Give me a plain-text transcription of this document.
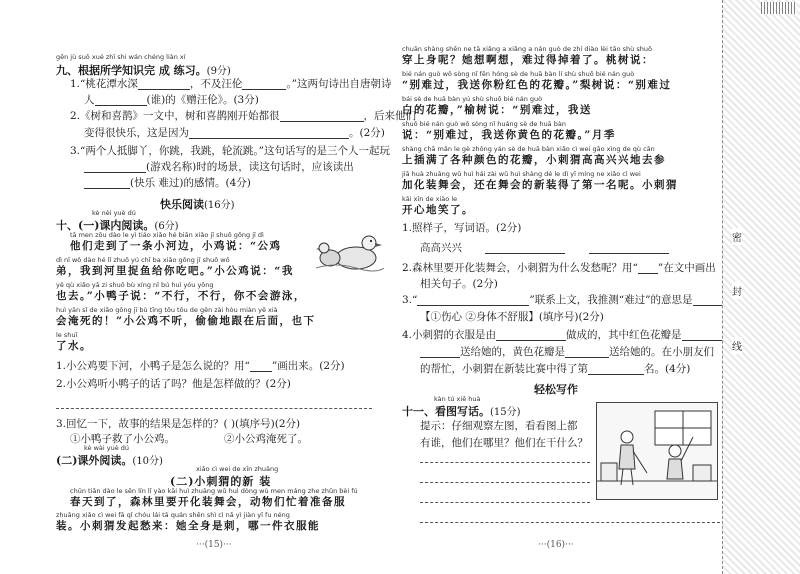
gēn jù suǒ xué zhī shi wán chéng liàn xí
九、根据所学知识完 成 练习。(9分)
1.“桃花潭水深	，不及汪伦	。”这两句诗出自唐朝诗
人	(谁)的《赠汪伦》。(3分)
2.《树和喜鹊》一文中，树和喜鹊刚开始都很	，后来他们
变得很快乐，这是因为	。(2分)
3.“两个人抵脚丫，你跳，我跳，轮流跳。”这句话写的是三个人一起玩
(游戏名称)时的场景，读这句话时，应该读出
(快乐 难过)的感情。(4分)
快乐阅读(16分)
kè nèi yuè dú
十、(一)课内阅读。(6分)
tā men zǒu dào le yì tiáo xiǎo hé biān xiǎo jī shuō gōng jī dì
他们走到了一条小河边，小鸡说：“公鸡
dì nǐ wǒ dào hé lǐ zhuō yú chī ba xiǎo gōng jī shuō wǒ
弟，我到河里捉鱼给你吃吧。”小公鸡说：“我
yě qù xiǎo yā zi shuō bù xíng nǐ bú huì yóu yǒng
也去。”小鸭子说：“不行，不行，你不会游泳，
huì yān sǐ de xiǎo gōng jī bù tīng tōu tōu de gēn zài hòu miàn yě xià
会淹死的！”小公鸡不听，偷偷地跟在后面，也下
le shuǐ
了水。
1.小公鸡要下河，小鸭子是怎么说的？用“ ”画出来。(2分)
2.小公鸡听小鸭子的话了吗？他是怎样做的？(2分)
3.回忆一下，故事的结果是怎样的？( )(填序号)(2分)
①小鸭子救了小公鸡。	②小公鸡淹死了。
kè wài yuè dú
(二)课外阅读。(10分)
xiǎo cì wei de xīn zhuāng
(二)小刺猬的新 装
chūn tiān dào le sēn lín lǐ yào kāi huì zhuāng wǔ huì dòng wù men máng zhe zhǔn bèi fú
春天到了，森林里要开化装舞会，动物们忙着准备服
zhuāng xiǎo cì wei fā qǐ chóu lái tā quán shēn shì cì nǎ yì jiàn yī fu néng
装。小刺猬发起愁来：她全身是刺，哪一件衣服能
···(15)···
chuān shàng shēn ne tā xiǎng a xiǎng a nán guò de zhí diào lèi tāo shù shuō
穿上身呢？她想啊想，难过得掉着了。桃树说：
bié nán guò wǒ sòng nǐ fěn hóng sè de huā bàn lí shù shuō bié nán guò
“别难过，我送你粉红色的花瓣。”梨树说：“别难过
bái sè de huā bàn yú shù shuō bié nán guò
白的花瓣，”榆树说：“别难过，我送
shuō bié nán guò wǒ sòng nǐ huáng sè de huā bàn
说：“别难过，我送你黄色的花瓣。”月季
shàng chā mǎn le gè zhǒng yán sè de huā bàn xiǎo cì wei gāo xìng de qù cān
上插满了各种颜色的花瓣，小刺猬高高兴兴地去参
jiā huà zhuāng wǔ huì hái zài wǔ huì shàng dé le dì yī míng ne xiǎo cì wei
加化装舞会，还在舞会的新装得了第一名呢。小刺猬
kāi xīn de xiào le
开心地笑了。
1.照样子，写词语。(2分)
高高兴兴
2.森林里要开化装舞会，小刺猬为什么发愁呢？用“ ”在文中画出
相关句子。(2分)
3.“	”联系上文，我推测“难过”的意思是
【①伤心 ②身体不舒服】(填序号)(2分)
4.小刺猬的衣服是由	做成的，其中红色花瓣是
送给她的，黄色花瓣是	送给她的。在小朋友们
的帮忙，小刺猬在新装比赛中得了第	名。(4分)
轻松写作
kàn tú xiě huà
十一、看图写话。(15分)
提示：仔细观察左图，看看图上都
有谁，他们在哪里？他们在干什么？
···(16)···
密
封
线
